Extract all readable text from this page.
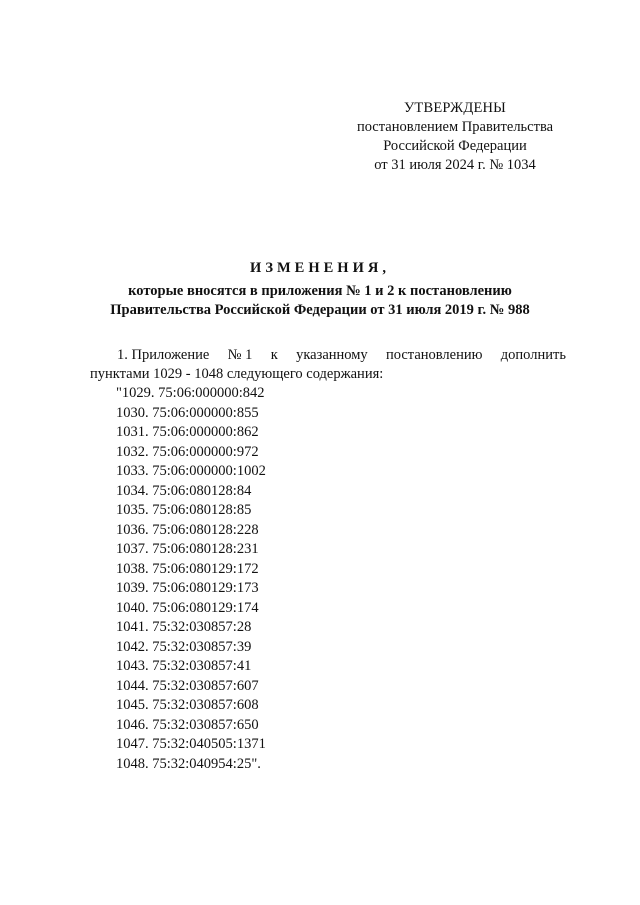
УТВЕРЖДЕНЫ
постановлением Правительства
Российской Федерации
от 31 июля 2024 г. № 1034
ИЗМЕНЕНИЯ,
которые вносятся в приложения № 1 и 2 к постановлению
Правительства Российской Федерации от 31 июля 2019 г. № 988
1. Приложение № 1 к указанному постановлению дополнить
пунктами 1029 - 1048 следующего содержания:
"1029. 75:06:000000:842
1030. 75:06:000000:855
1031. 75:06:000000:862
1032. 75:06:000000:972
1033. 75:06:000000:1002
1034. 75:06:080128:84
1035. 75:06:080128:85
1036. 75:06:080128:228
1037. 75:06:080128:231
1038. 75:06:080129:172
1039. 75:06:080129:173
1040. 75:06:080129:174
1041. 75:32:030857:28
1042. 75:32:030857:39
1043. 75:32:030857:41
1044. 75:32:030857:607
1045. 75:32:030857:608
1046. 75:32:030857:650
1047. 75:32:040505:1371
1048. 75:32:040954:25".
